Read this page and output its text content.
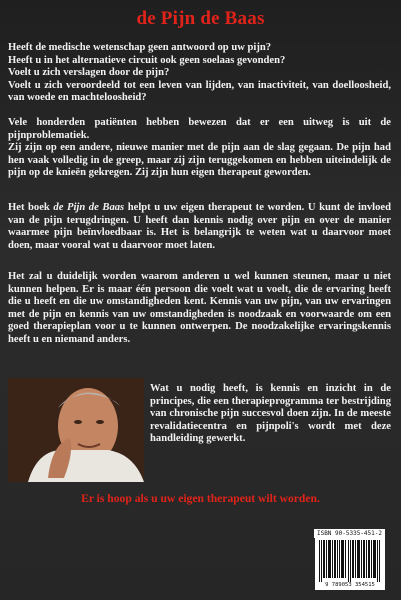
de Pijn de Baas
Heeft de medische wetenschap geen antwoord op uw pijn?
Heeft u in het alternatieve circuit ook geen soelaas gevonden?
Voelt u zich verslagen door de pijn?
Voelt u zich veroordeeld tot een leven van lijden, van inactiviteit, van doelloosheid, van woede en machteloosheid?
Vele honderden patiënten hebben bewezen dat er een uitweg is uit de pijnproblematiek.
Zij zijn op een andere, nieuwe manier met de pijn aan de slag gegaan. De pijn had hen vaak volledig in de greep, maar zij zijn teruggekomen en hebben uiteindelijk de pijn op de knieën gekregen. Zij zijn hun eigen therapeut geworden.
Het boek de Pijn de Baas helpt u uw eigen therapeut te worden. U kunt de invloed van de pijn terugdringen. U heeft dan kennis nodig over pijn en over de manier waarmee pijn beïnvloedbaar is. Het is belangrijk te weten wat u daarvoor moet doen, maar vooral wat u daarvoor moet laten.
Het zal u duidelijk worden waarom anderen u wel kunnen steunen, maar u niet kunnen helpen. Er is maar één persoon die voelt wat u voelt, die de ervaring heeft die u heeft en die uw omstandigheden kent. Kennis van uw pijn, van uw ervaringen met de pijn en kennis van uw omstandigheden is noodzaak en voorwaarde om een goed therapieplan voor u te kunnen ontwerpen. De noodzakelijke ervaringskennis heeft u en niemand anders.
Wat u nodig heeft, is kennis en inzicht in de principes, die een therapieprogramma ter bestrijding van chronische pijn succesvol doen zijn. In de meeste revalidatiecentra en pijnpoli's wordt met deze handleiding gewerkt.
Er is hoop als u uw eigen therapeut wilt worden.
ISBN 90-5335-451-2
9 789053 354515
